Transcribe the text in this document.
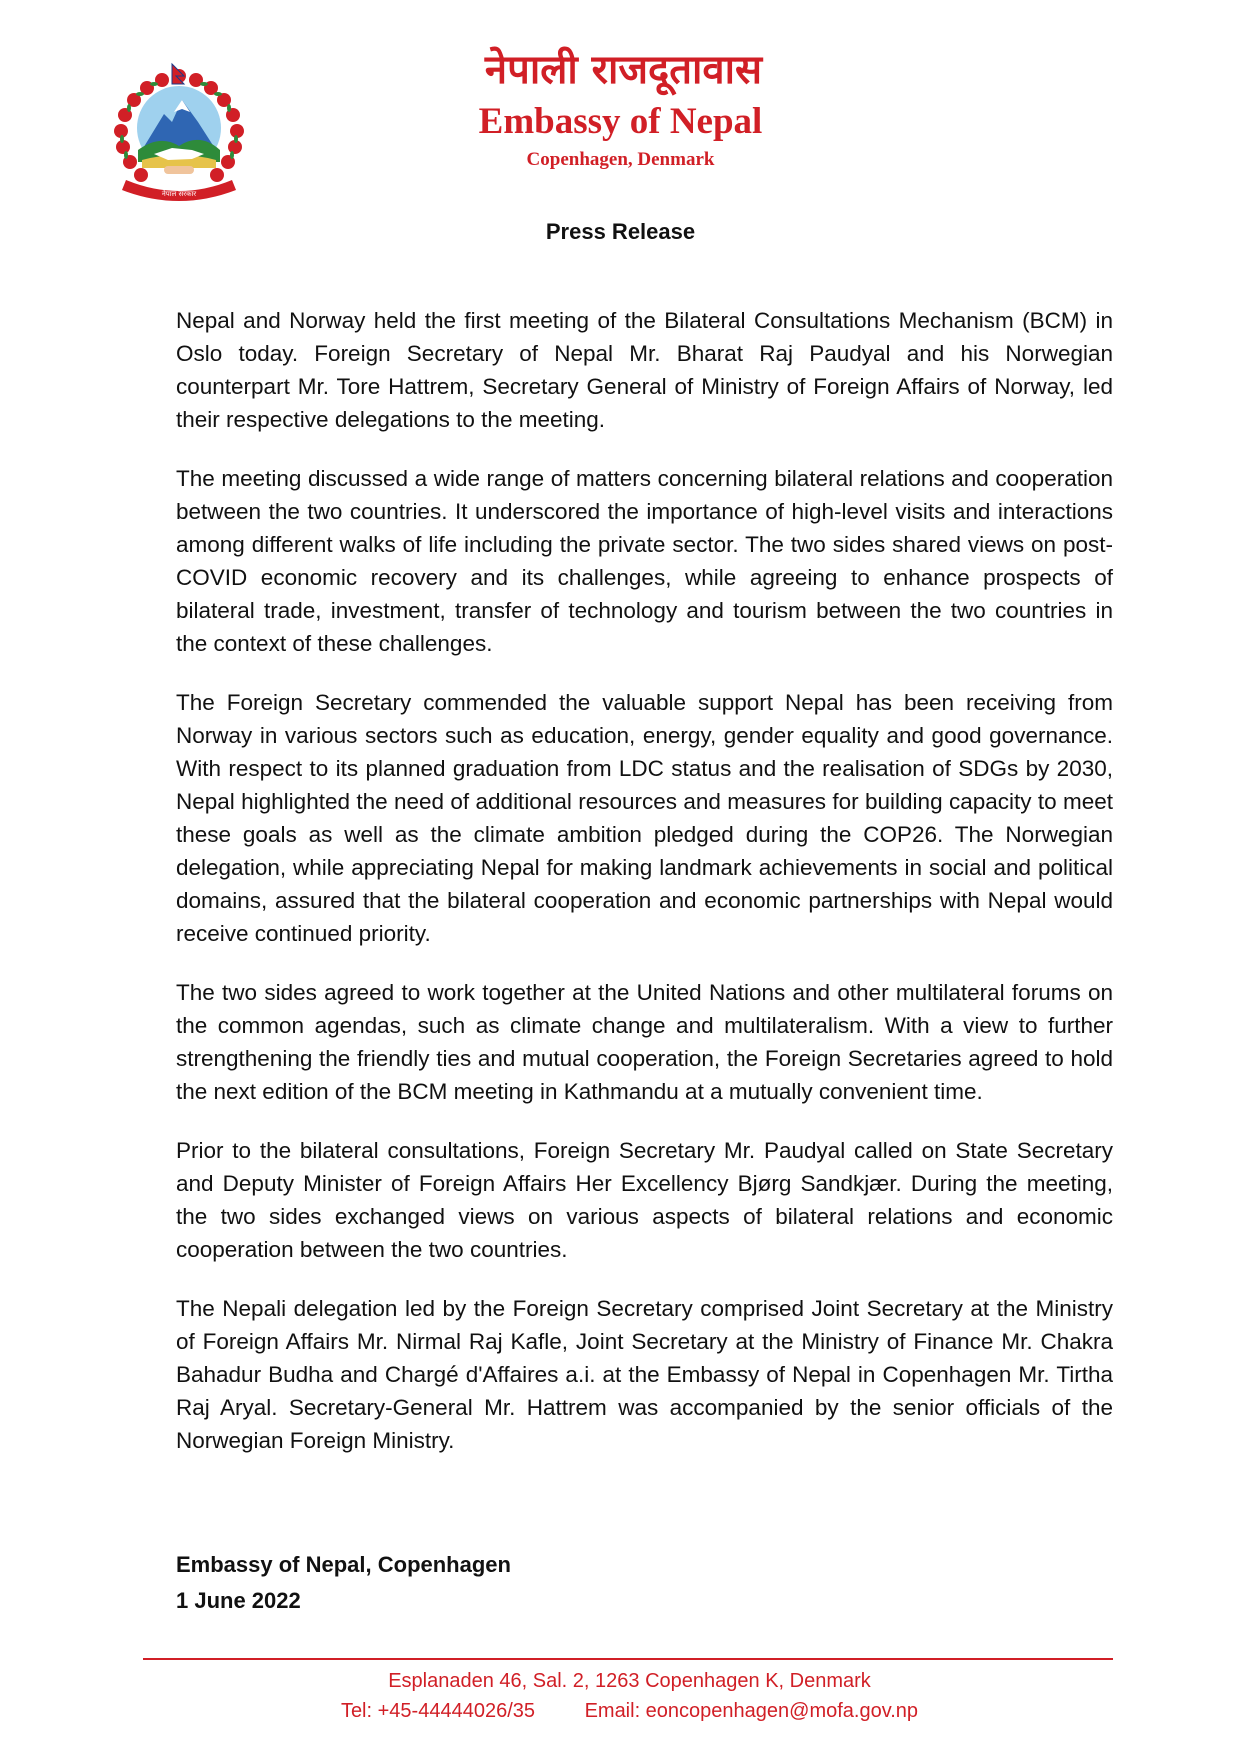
नेपाल सरकार
नेपाली राजदूतावास
Embassy of Nepal
Copenhagen, Denmark
Press Release

Nepal and Norway held the first meeting of the Bilateral Consultations Mechanism (BCM) in Oslo today. Foreign Secretary of Nepal Mr. Bharat Raj Paudyal and his Norwegian counterpart Mr. Tore Hattrem, Secretary General of Ministry of Foreign Affairs of Norway, led their respective delegations to the meeting.

The meeting discussed a wide range of matters concerning bilateral relations and cooperation between the two countries. It underscored the importance of high-level visits and interactions among different walks of life including the private sector. The two sides shared views on post-COVID economic recovery and its challenges, while agreeing to enhance prospects of bilateral trade, investment, transfer of technology and tourism between the two countries in the context of these challenges.

The Foreign Secretary commended the valuable support Nepal has been receiving from Norway in various sectors such as education, energy, gender equality and good governance. With respect to its planned graduation from LDC status and the realisation of SDGs by 2030, Nepal highlighted the need of additional resources and measures for building capacity to meet these goals as well as the climate ambition pledged during the COP26. The Norwegian delegation, while appreciating Nepal for making landmark achievements in social and political domains, assured that the bilateral cooperation and economic partnerships with Nepal would receive continued priority.

The two sides agreed to work together at the United Nations and other multilateral forums on the common agendas, such as climate change and multilateralism. With a view to further strengthening the friendly ties and mutual cooperation, the Foreign Secretaries agreed to hold the next edition of the BCM meeting in Kathmandu at a mutually convenient time.

Prior to the bilateral consultations, Foreign Secretary Mr. Paudyal called on State Secretary and Deputy Minister of Foreign Affairs Her Excellency Bjørg Sandkjær. During the meeting, the two sides exchanged views on various aspects of bilateral relations and economic cooperation between the two countries.

The Nepali delegation led by the Foreign Secretary comprised Joint Secretary at the Ministry of Foreign Affairs Mr. Nirmal Raj Kafle, Joint Secretary at the Ministry of Finance Mr. Chakra Bahadur Budha and Chargé d'Affaires a.i. at the Embassy of Nepal in Copenhagen Mr. Tirtha Raj Aryal. Secretary-General Mr. Hattrem was accompanied by the senior officials of the Norwegian Foreign Ministry.

Embassy of Nepal, Copenhagen
1 June 2022
Esplanaden 46, Sal. 2, 1263 Copenhagen K, Denmark
Tel: +45-44444026/35 Email: eoncopenhagen@mofa.gov.np
